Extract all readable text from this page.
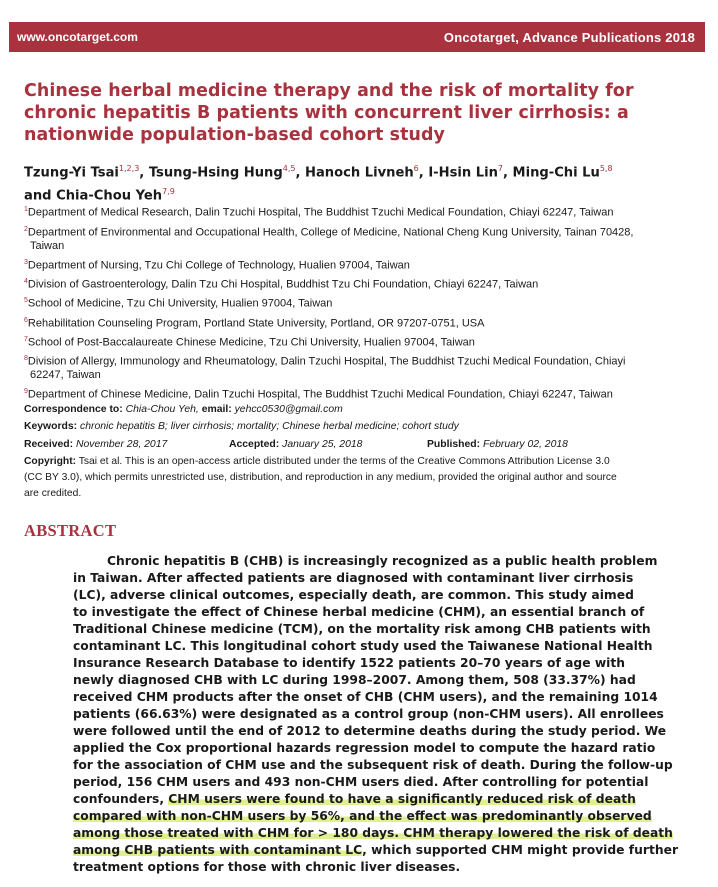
www.oncotarget.com	Oncotarget, Advance Publications 2018
Chinese herbal medicine therapy and the risk of mortality for
chronic hepatitis B patients with concurrent liver cirrhosis: a
nationwide population-based cohort study

Tzung-Yi Tsai$^{1,2,3}$, Tsung-Hsing Hung$^{4,5}$, Hanoch Livneh$^6$, I-Hsin Lin$^7$, Ming-Chi Lu$^{5,8}$
and Chia-Chou Yeh$^{7,9}$

$^1$Department of Medical Research, Dalin Tzuchi Hospital, The Buddhist Tzuchi Medical Foundation, Chiayi 62247, Taiwan
$^2$Department of Environmental and Occupational Health, College of Medicine, National Cheng Kung University, Tainan 70428,
Taiwan
$^3$Department of Nursing, Tzu Chi College of Technology, Hualien 97004, Taiwan
$^4$Division of Gastroenterology, Dalin Tzu Chi Hospital, Buddhist Tzu Chi Foundation, Chiayi 62247, Taiwan
$^5$School of Medicine, Tzu Chi University, Hualien 97004, Taiwan
$^6$Rehabilitation Counseling Program, Portland State University, Portland, OR 97207-0751, USA
$^7$School of Post-Baccalaureate Chinese Medicine, Tzu Chi University, Hualien 97004, Taiwan
$^8$Division of Allergy, Immunology and Rheumatology, Dalin Tzuchi Hospital, The Buddhist Tzuchi Medical Foundation, Chiayi
62247, Taiwan
$^9$Department of Chinese Medicine, Dalin Tzuchi Hospital, The Buddhist Tzuchi Medical Foundation, Chiayi 62247, Taiwan
Correspondence to: Chia-Chou Yeh, email: yehcc0530@gmail.com
Keywords: chronic hepatitis B; liver cirrhosis; mortality; Chinese herbal medicine; cohort study
Received: November 28, 2017	Accepted: January 25, 2018	Published: February 02, 2018
Copyright: Tsai et al. This is an open-access article distributed under the terms of the Creative Commons Attribution License 3.0
(CC BY 3.0), which permits unrestricted use, distribution, and reproduction in any medium, provided the original author and source
are credited.
ABSTRACT
Chronic hepatitis B (CHB) is increasingly recognized as a public health problem
in Taiwan. After affected patients are diagnosed with contaminant liver cirrhosis
(LC), adverse clinical outcomes, especially death, are common. This study aimed
to investigate the effect of Chinese herbal medicine (CHM), an essential branch of
Traditional Chinese medicine (TCM), on the mortality risk among CHB patients with
contaminant LC. This longitudinal cohort study used the Taiwanese National Health
Insurance Research Database to identify 1522 patients 20–70 years of age with
newly diagnosed CHB with LC during 1998–2007. Among them, 508 (33.37%) had
received CHM products after the onset of CHB (CHM users), and the remaining 1014
patients (66.63%) were designated as a control group (non-CHM users). All enrollees
were followed until the end of 2012 to determine deaths during the study period. We
applied the Cox proportional hazards regression model to compute the hazard ratio
for the association of CHM use and the subsequent risk of death. During the follow-up
period, 156 CHM users and 493 non-CHM users died. After controlling for potential
confounders, CHM users were found to have a significantly reduced risk of death
compared with non-CHM users by 56%, and the effect was predominantly observed
among those treated with CHM for > 180 days. CHM therapy lowered the risk of death
among CHB patients with contaminant LC, which supported CHM might provide further
treatment options for those with chronic liver diseases.
